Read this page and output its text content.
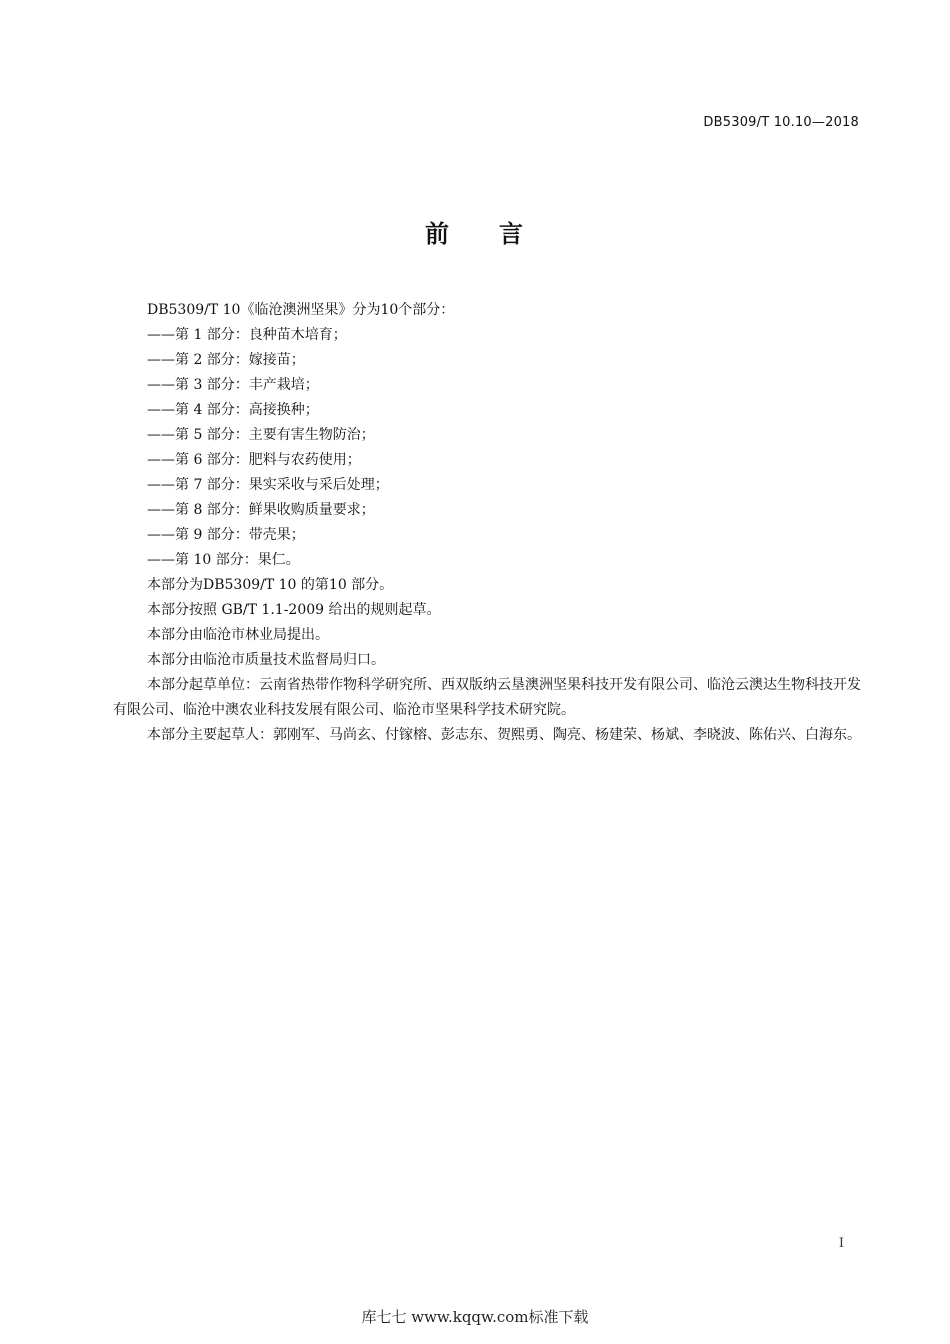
DB5309/T 10.10—2018
前 言

DB5309/T 10《临沧澳洲坚果》分为10个部分：

——第 1 部分：良种苗木培育；

——第 2 部分：嫁接苗；

——第 3 部分：丰产栽培；

——第 4 部分：高接换种；

——第 5 部分：主要有害生物防治；

——第 6 部分：肥料与农药使用；

——第 7 部分：果实采收与采后处理；

——第 8 部分：鲜果收购质量要求；

——第 9 部分：带壳果；

——第 10 部分：果仁。

本部分为DB5309/T 10 的第10 部分。

本部分按照 GB/T 1.1-2009 给出的规则起草。

本部分由临沧市林业局提出。

本部分由临沧市质量技术监督局归口。

本部分起草单位：云南省热带作物科学研究所、西双版纳云垦澳洲坚果科技开发有限公司、临沧云澳达生物科技开发有限公司、临沧中澳农业科技发展有限公司、临沧市坚果科学技术研究院。

本部分主要起草人：郭刚军、马尚玄、付镓榕、彭志东、贺熙勇、陶亮、杨建荣、杨斌、李晓波、陈佑兴、白海东。

I
库七七 www.kqqw.com标准下载
